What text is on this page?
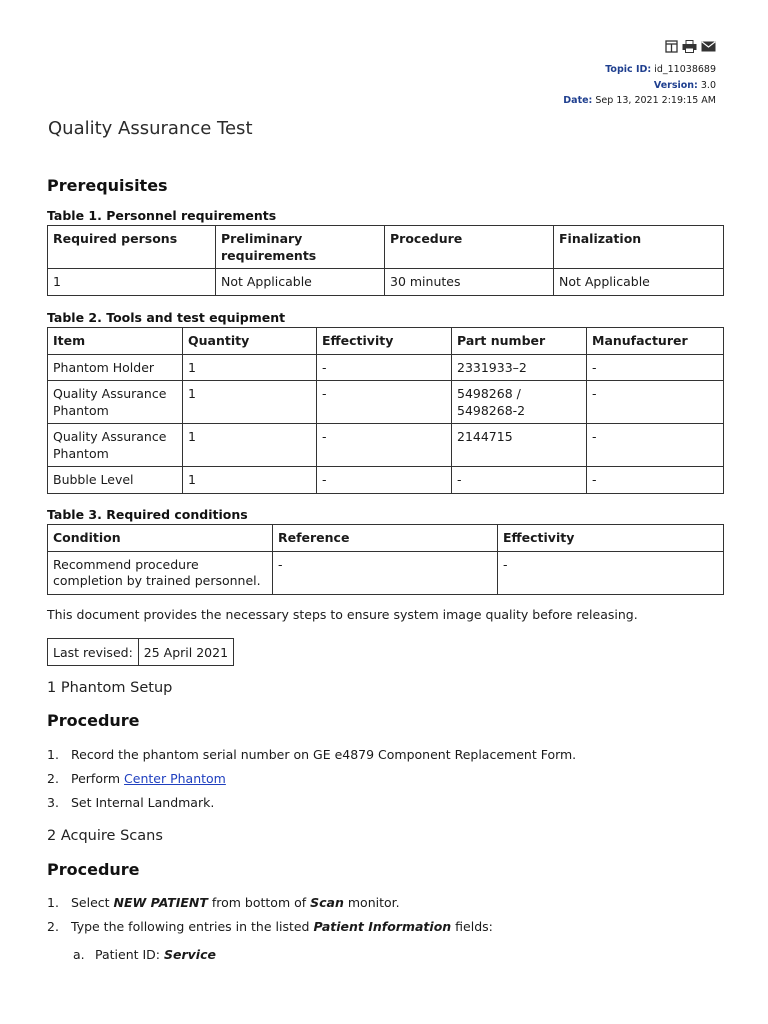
Topic ID: id_11038689
Version: 3.0
Date: Sep 13, 2021 2:19:15 AM
Quality Assurance Test
Prerequisites

Table 1. Personnel requirements

Required persons	Preliminary requirements	Procedure	Finalization
1	Not Applicable	30 minutes	Not Applicable

Table 2. Tools and test equipment

Item	Quantity	Effectivity	Part number	Manufacturer
Phantom Holder	1	-	2331933–2	-
Quality Assurance Phantom	1	-	5498268 / 5498268-2	-
Quality Assurance Phantom	1	-	2144715	-
Bubble Level	1	-	-	-

Table 3. Required conditions

Condition	Reference	Effectivity
Recommend procedure completion by trained personnel.	-	-

This document provides the necessary steps to ensure system image quality before releasing.

Last revised:	25 April 2021
1 Phantom Setup
Procedure
1. Record the phantom serial number on GE e4879 Component Replacement Form.
2. Perform Center Phantom
3. Set Internal Landmark.
2 Acquire Scans
Procedure
1. Select NEW PATIENT from bottom of Scan monitor.
2. Type the following entries in the listed Patient Information fields:
a. Patient ID: Service
